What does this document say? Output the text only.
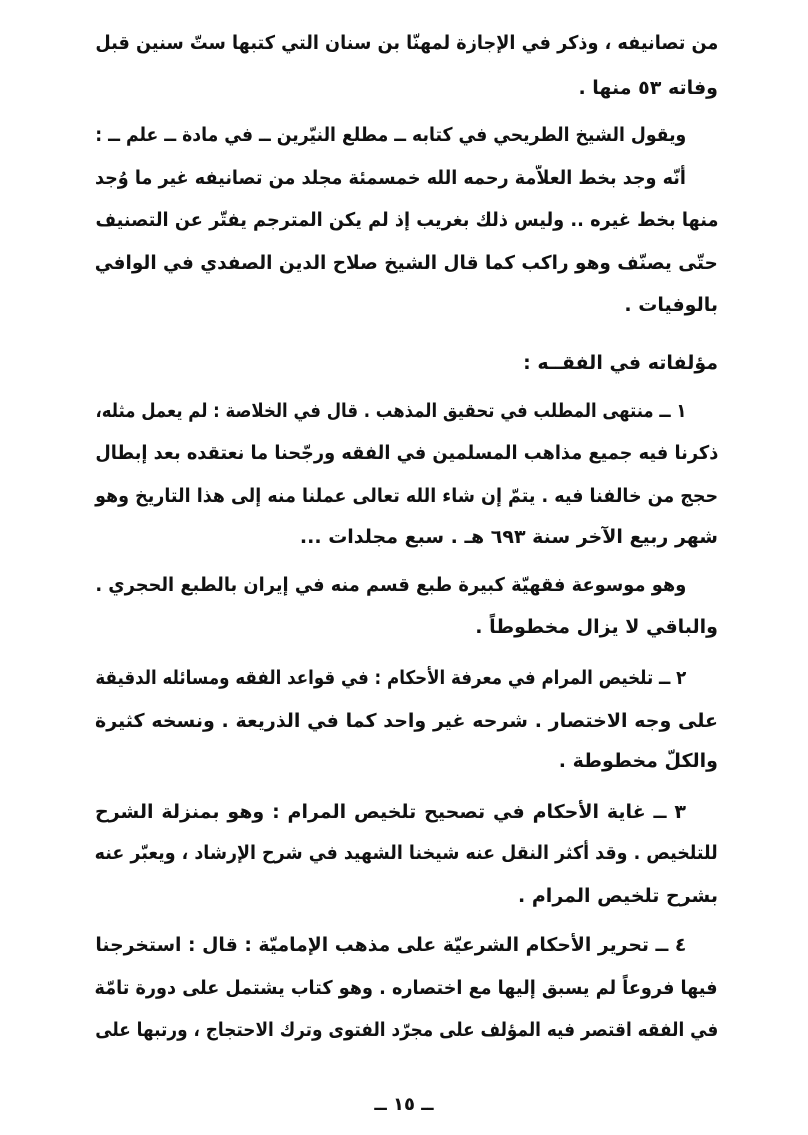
ــ ١٥ ــ
من تصانيفه ، وذكر في الإجازة لمهنّا بن سنان التي كتبها ستّ سنين قبل
وفاته ٥٣ منها .
ويقول الشيخ الطريحي في كتابه ــ مطلع النيّرين ــ في مادة ــ علم ــ :
أنّه وجد بخط العلاّمة رحمه الله خمسمئة مجلد من تصانيفه غير ما وُجد
منها بخط غيره .. وليس ذلك بغريب إذ لم يكن المترجم يفتّر عن التصنيف
حتّى يصنّف وهو راكب كما قال الشيخ صلاح الدين الصفدي في الوافي
بالوفيات .
مؤلفاته في الفقــه :
١ ــ منتهى المطلب في تحقيق المذهب . قال في الخلاصة : لم يعمل مثله،
ذكرنا فيه جميع مذاهب المسلمين في الفقه ورجّحنا ما نعتقده بعد إبطال
حجج من خالفنا فيه . يتمّ إن شاء الله تعالى عملنا منه إلى هذا التاريخ وهو
شهر ربيع الآخر سنة ٦٩٣ هـ . سبع مجلدات ...
وهو موسوعة فقهيّة كبيرة طبع قسم منه في إيران بالطبع الحجري .
والباقي لا يزال مخطوطاً .
٢ ــ تلخيص المرام في معرفة الأحكام : في قواعد الفقه ومسائله الدقيقة
على وجه الاختصار . شرحه غير واحد كما في الذريعة . ونسخه كثيرة
والكلّ مخطوطة .
٣ ــ غاية الأحكام في تصحيح تلخيص المرام : وهو بمنزلة الشرح
للتلخيص . وقد أكثر النقل عنه شيخنا الشهيد في شرح الإرشاد ، ويعبّر عنه
بشرح تلخيص المرام .
٤ ــ تحرير الأحكام الشرعيّة على مذهب الإماميّة : قال : استخرجنا
فيها فروعاً لم يسبق إليها مع اختصاره . وهو كتاب يشتمل على دورة تامّة
في الفقه اقتصر فيه المؤلف على مجرّد الفتوى وترك الاحتجاج ، ورتبها على
